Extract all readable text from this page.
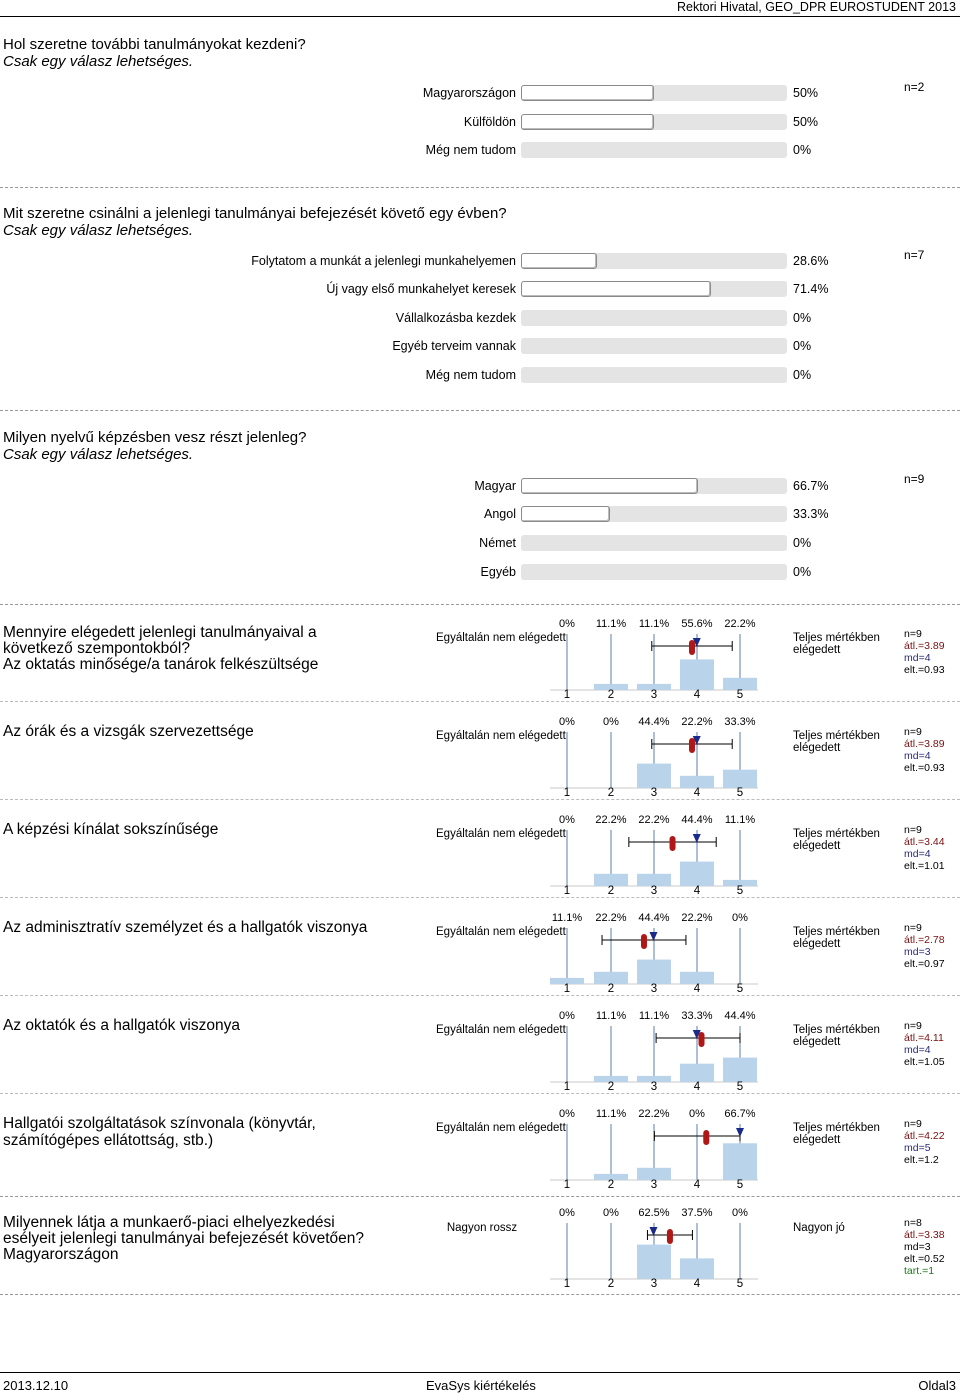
Rektori Hivatal, GEO_DPR EUROSTUDENT 2013
Hol szeretne további tanulmányokat kezdeni?
Csak egy válasz lehetséges.
n=2
Magyarországon	50%
Külföldön	50%
Még nem tudom	0%
Mit szeretne csinálni a jelenlegi tanulmányai befejezését követő egy évben?
Csak egy válasz lehetséges.
n=7
Folytatom a munkát a jelenlegi munkahelyemen	28.6%
Új vagy első munkahelyet keresek	71.4%
Vállalkozásba kezdek	0%
Egyéb terveim vannak	0%
Még nem tudom	0%
Milyen nyelvű képzésben vesz részt jelenleg?
Csak egy válasz lehetséges.
n=9
Magyar	66.7%
Angol	33.3%
Német	0%
Egyéb	0%
Mennyire elégedett jelenlegi tanulmányaival a
következő szempontokból?
Az oktatás minősége/a tanárok felkészültsége
Egyáltalán nem elégedett	Teljes mértékben elégedett
n=9
átl.=3.89
md=4
elt.=0.93
0%	11.1%	11.1%	55.6%	22.2%
1	2	3	4	5
Az órák és a vizsgák szervezettsége	Egyáltalán nem elégedett	Teljes mértékben elégedett
n=9
átl.=3.89
md=4
elt.=0.93
0%	0%	44.4%	22.2%	33.3%
1	2	3	4	5
A képzési kínálat sokszínűsége	Egyáltalán nem elégedett	Teljes mértékben elégedett
n=9
átl.=3.44
md=4
elt.=1.01
0%	22.2%	22.2%	44.4%	11.1%
1	2	3	4	5
Az adminisztratív személyzet és a hallgatók viszonya	Egyáltalán nem elégedett	Teljes mértékben elégedett
n=9
átl.=2.78
md=3
elt.=0.97
11.1%	22.2%	44.4%	22.2%	0%
1	2	3	4	5
Az oktatók és a hallgatók viszonya	Egyáltalán nem elégedett	Teljes mértékben elégedett
n=9
átl.=4.11
md=4
elt.=1.05
0%	11.1%	11.1%	33.3%	44.4%
1	2	3	4	5
Hallgatói szolgáltatások színvonala (könyvtár,
számítógépes ellátottság, stb.)
Egyáltalán nem elégedett	Teljes mértékben elégedett
n=9
átl.=4.22
md=5
elt.=1.2
0%	11.1%	22.2%	0%	66.7%
1	2	3	4	5
Milyennek látja a munkaerő-piaci elhelyezkedési
esélyeit jelenlegi tanulmányai befejezését követően?
Magyarországon
Nagyon rossz	Nagyon jó	n=8
átl.=3.38
md=3
elt.=0.52
tart.=1
0%	0%	62.5%	37.5%	0%
1	2	3	4	5
2013.12.10	EvaSys kiértékelés	Oldal3
